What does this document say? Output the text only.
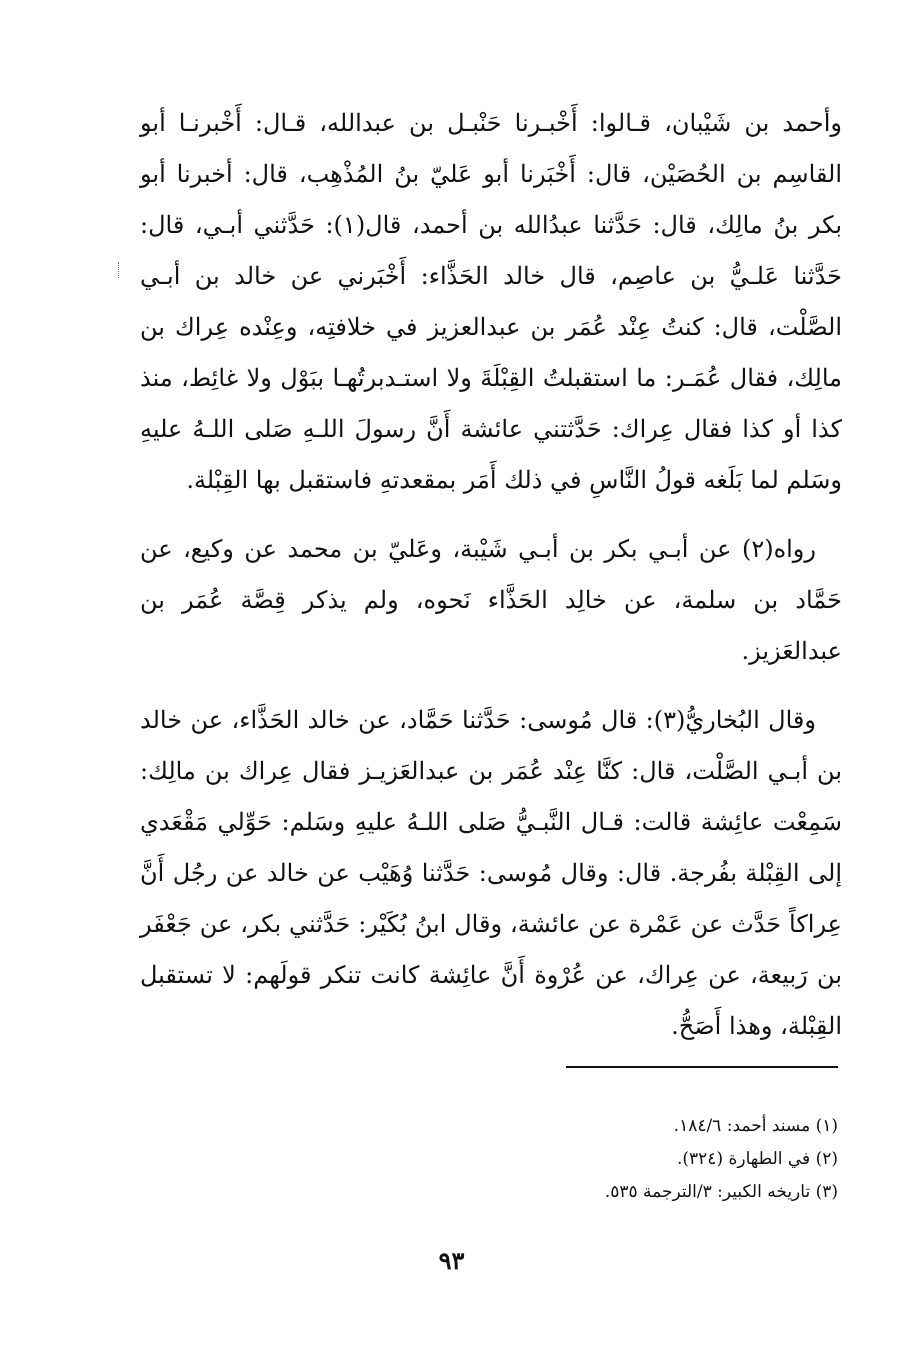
وأحمد بن شَيْبان، قـالوا: أَخْبـرنا حَنْبـل بن عبدالله، قـال: أَخْبرنـا أبو القاسِم بن الحُصَيْن، قال: أَخْبَرنا أبو عَليّ بنُ المُذْهِب، قال: أخبرنا أبو بكر بنُ مالِك، قال: حَدَّثنا عبدُالله بن أحمد، قال(١): حَدَّثني أبـي، قال: حَدَّثنا عَلـيُّ بن عاصِم، قال خالد الحَذَّاء: أَخْبَرني عن خالد بن أبـي الصَّلْت، قال: كنتُ عِنْد عُمَر بن عبدالعزيز في خلافتِه، وعِنْده عِراك بن مالِك، فقال عُمَـر: ما استقبلتُ القِبْلَةَ ولا استـدبرتُهـا ببَوْل ولا غائِط، منذ كذا أو كذا فقال عِراك: حَدَّثتني عائشة أَنَّ رسولَ اللـهِ صَلى اللـهُ عليهِ وسَلم لما بَلَغه قولُ النَّاسِ في ذلك أَمَر بمقعدتهِ فاستقبل بها القِبْلة.

رواه(٢) عن أبـي بكر بن أبـي شَيْبة، وعَليّ بن محمد عن وكيع، عن حَمَّاد بن سلمة، عن خالِد الحَذَّاء نَحوه، ولم يذكر قِصَّة عُمَر بن عبدالعَزيز.

وقال البُخاريُّ(٣): قال مُوسى: حَدَّثنا حَمَّاد، عن خالد الحَذَّاء، عن خالد بن أبـي الصَّلْت، قال: كنَّا عِنْد عُمَر بن عبدالعَزيـز فقال عِراك بن مالِك: سَمِعْت عائِشة قالت: قـال النَّبـيُّ صَلى اللـهُ عليهِ وسَلم: حَوِّلي مَقْعَدي إلى القِبْلة بفُرجة. قال: وقال مُوسى: حَدَّثنا وُهَيْب عن خالد عن رجُل أَنَّ عِراكاً حَدَّث عن عَمْرة عن عائشة، وقال ابنُ بُكَيْر: حَدَّثني بكر، عن جَعْفَر بن رَبيعة، عن عِراك، عن عُرْوة أَنَّ عائِشة كانت تنكر قولَهم: لا تستقبل القِبْلة، وهذا أَصَحُّ.

(١) مسند أحمد: ١٨٤/٦.
(٢) في الطهارة (٣٢٤).
(٣) تاريخه الكبير: ٣/الترجمة ٥٣٥.
٩٣
